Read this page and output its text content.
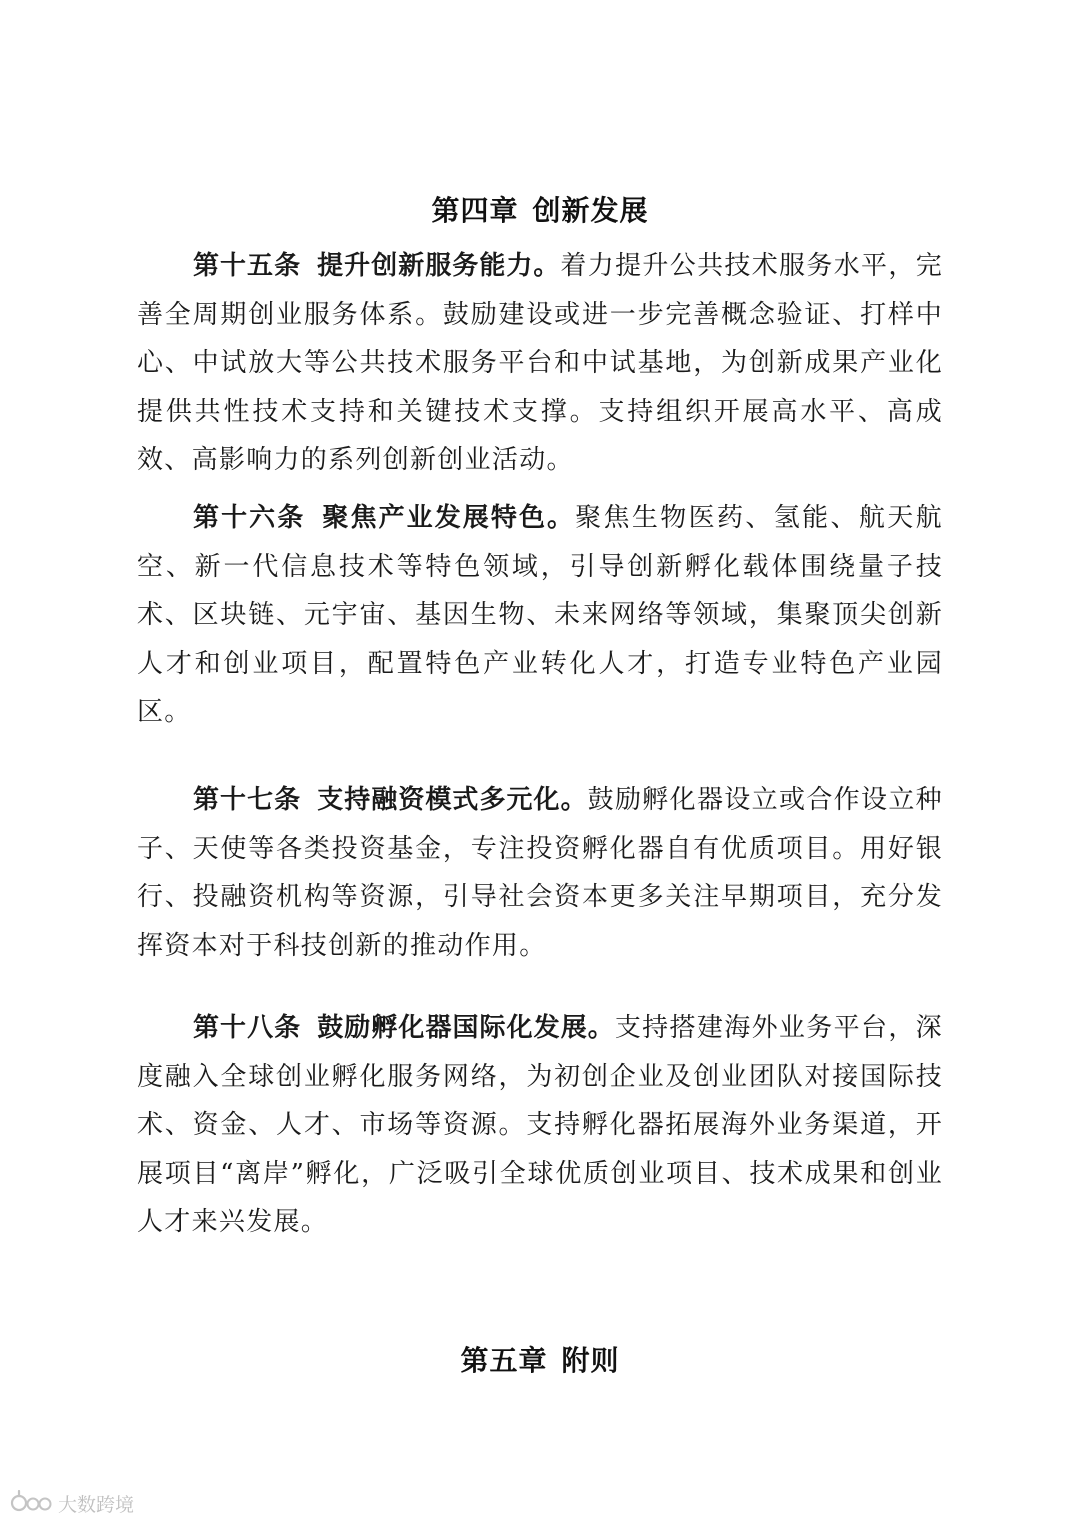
第四章 创新发展

第十五条 提升创新服务能力。着力提升公共技术服务水平，完善全周期创业服务体系。鼓励建设或进一步完善概念验证、打样中心、中试放大等公共技术服务平台和中试基地，为创新成果产业化提供共性技术支持和关键技术支撑。支持组织开展高水平、高成效、高影响力的系列创新创业活动。

第十六条 聚焦产业发展特色。聚焦生物医药、氢能、航天航空、新一代信息技术等特色领域，引导创新孵化载体围绕量子技术、区块链、元宇宙、基因生物、未来网络等领域，集聚顶尖创新人才和创业项目，配置特色产业转化人才，打造专业特色产业园区。

第十七条 支持融资模式多元化。鼓励孵化器设立或合作设立种子、天使等各类投资基金，专注投资孵化器自有优质项目。用好银行、投融资机构等资源，引导社会资本更多关注早期项目，充分发挥资本对于科技创新的推动作用。

第十八条 鼓励孵化器国际化发展。支持搭建海外业务平台，深度融入全球创业孵化服务网络，为初创企业及创业团队对接国际技术、资金、人才、市场等资源。支持孵化器拓展海外业务渠道，开展项目“离岸”孵化，广泛吸引全球优质创业项目、技术成果和创业人才来兴发展。

第五章 附则
大数跨境
